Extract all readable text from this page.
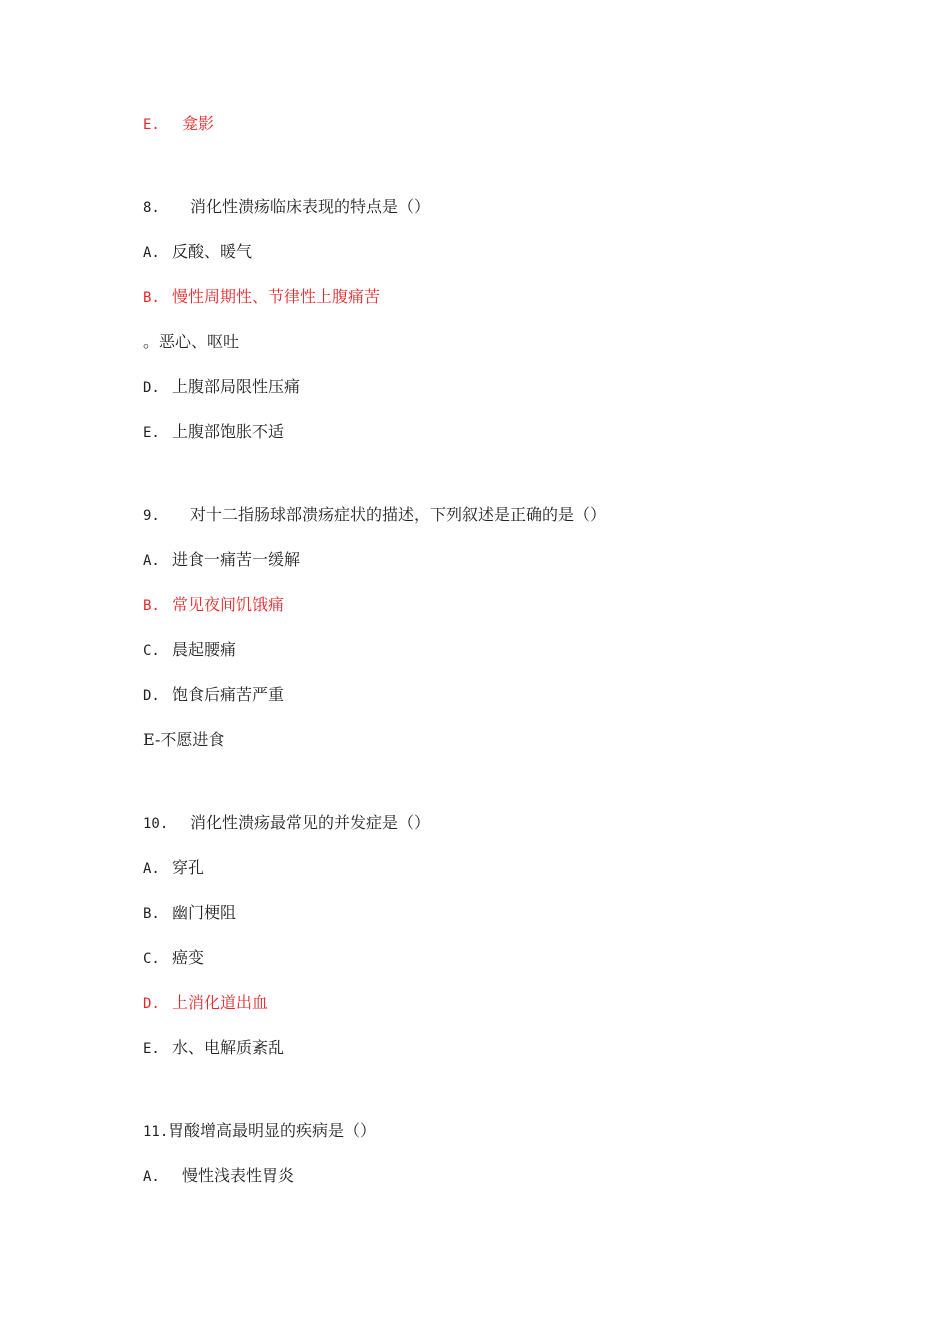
E. 龛影
8. 消化性溃疡临床表现的特点是（）
A. 反酸、暖气
B. 慢性周期性、节律性上腹痛苦
。恶心、呕吐
D. 上腹部局限性压痛
E. 上腹部饱胀不适
9. 对十二指肠球部溃疡症状的描述，下列叙述是正确的是（）
A. 进食一痛苦一缓解
B. 常见夜间饥饿痛
C. 晨起腰痛
D. 饱食后痛苦严重
E-不愿进食
10. 消化性溃疡最常见的并发症是（）
A. 穿孔
B. 幽门梗阻
C. 癌变
D. 上消化道出血
E. 水、电解质紊乱
11.胃酸增高最明显的疾病是（）
A. 慢性浅表性胃炎
